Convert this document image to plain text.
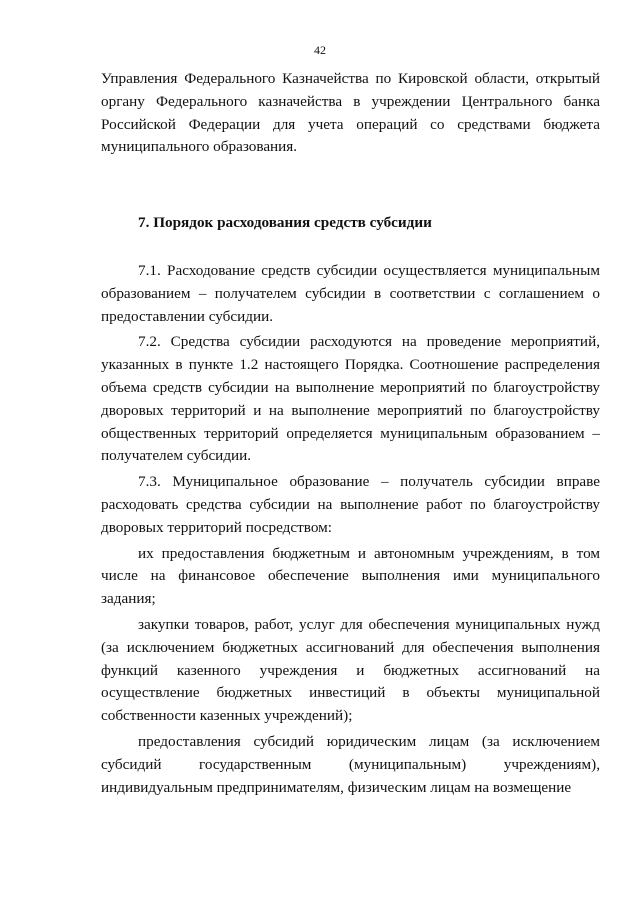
42

Управления Федерального Казначейства по Кировской области, открытый органу Федерального казначейства в учреждении Центрального банка Российской Федерации для учета операций со средствами бюджета муниципального образования.

7. Порядок расходования средств субсидии

7.1. Расходование средств субсидии осуществляется муниципальным образованием – получателем субсидии в соответствии с соглашением о предоставлении субсидии.

7.2. Средства субсидии расходуются на проведение мероприятий, указанных в пункте 1.2 настоящего Порядка. Соотношение распределения объема средств субсидии на выполнение мероприятий по благоустройству дворовых территорий и на выполнение мероприятий по благоустройству общественных территорий определяется муниципальным образованием – получателем субсидии.

7.3. Муниципальное образование – получатель субсидии вправе расходовать средства субсидии на выполнение работ по благоустройству дворовых территорий посредством:

их предоставления бюджетным и автономным учреждениям, в том числе на финансовое обеспечение выполнения ими муниципального задания;

закупки товаров, работ, услуг для обеспечения муниципальных нужд (за исключением бюджетных ассигнований для обеспечения выполнения функций казенного учреждения и бюджетных ассигнований на осуществление бюджетных инвестиций в объекты муниципальной собственности казенных учреждений);

предоставления субсидий юридическим лицам (за исключением субсидий государственным (муниципальным) учреждениям), индивидуальным предпринимателям, физическим лицам на возмещение
